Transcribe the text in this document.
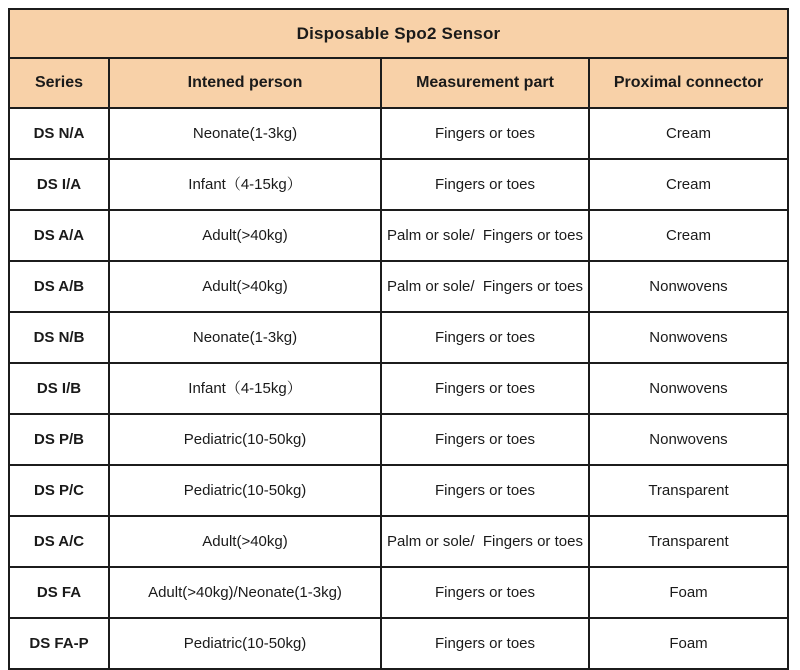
Disposable Spo2 Sensor			
Series	Intened person	Measurement part	Proximal connector
DS N/A	Neonate(1-3kg)	Fingers or toes	Cream
DS I/A	Infant（4-15kg）	Fingers or toes	Cream
DS A/A	Adult(>40kg)	Palm or sole/  Fingers or toes	Cream
DS A/B	Adult(>40kg)	Palm or sole/  Fingers or toes	Nonwovens
DS N/B	Neonate(1-3kg)	Fingers or toes	Nonwovens
DS I/B	Infant（4-15kg）	Fingers or toes	Nonwovens
DS P/B	Pediatric(10-50kg)	Fingers or toes	Nonwovens
DS P/C	Pediatric(10-50kg)	Fingers or toes	Transparent
DS A/C	Adult(>40kg)	Palm or sole/  Fingers or toes	Transparent
DS FA	Adult(>40kg)/Neonate(1-3kg)	Fingers or toes	Foam
DS FA-P	Pediatric(10-50kg)	Fingers or toes	Foam
